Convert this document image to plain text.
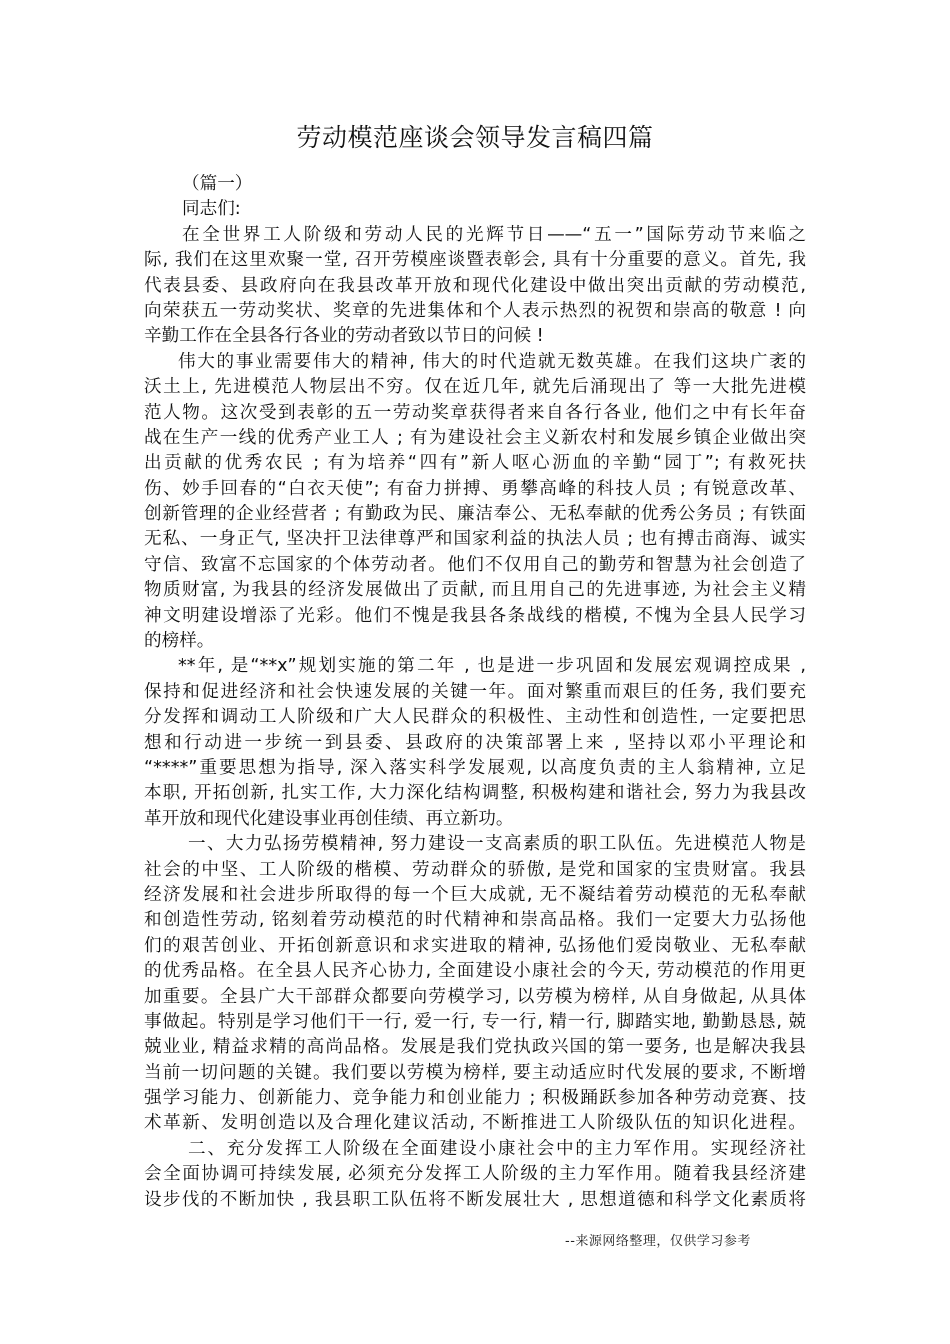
劳动模范座谈会领导发言稿四篇
（篇一）
同志们:
在全世界工人阶级和劳动人民的光辉节日——“五一”国际劳动节来临之
际, 我们在这里欢聚一堂, 召开劳模座谈暨表彰会, 具有十分重要的意义。首先, 我
代表县委、县政府向在我县改革开放和现代化建设中做出突出贡献的劳动模范,
向荣获五一劳动奖状、奖章的先进集体和个人表示热烈的祝贺和崇高的敬意 ! 向
辛勤工作在全县各行各业的劳动者致以节日的问候 !
伟大的事业需要伟大的精神, 伟大的时代造就无数英雄。在我们这块广袤的
沃土上, 先进模范人物层出不穷。仅在近几年, 就先后涌现出了 等一大批先进模
范人物。这次受到表彰的五一劳动奖章获得者来自各行各业, 他们之中有长年奋
战在生产一线的优秀产业工人 ; 有为建设社会主义新农村和发展乡镇企业做出突
出贡献的优秀农民 ; 有为培养“四有”新人呕心沥血的辛勤“园丁”; 有救死扶
伤、妙手回春的“白衣天使”; 有奋力拼搏、勇攀高峰的科技人员 ; 有锐意改革、
创新管理的企业经营者 ; 有勤政为民、廉洁奉公、无私奉献的优秀公务员 ; 有铁面
无私、一身正气, 坚决扞卫法律尊严和国家利益的执法人员 ; 也有搏击商海、诚实
守信、致富不忘国家的个体劳动者。他们不仅用自己的勤劳和智慧为社会创造了
物质财富, 为我县的经济发展做出了贡献, 而且用自己的先进事迹, 为社会主义精
神文明建设增添了光彩。他们不愧是我县各条战线的楷模, 不愧为全县人民学习
的榜样。
**年, 是“**x”规划实施的第二年 , 也是进一步巩固和发展宏观调控成果 ,
保持和促进经济和社会快速发展的关键一年。面对繁重而艰巨的任务, 我们要充
分发挥和调动工人阶级和广大人民群众的积极性、主动性和创造性, 一定要把思
想和行动进一步统一到县委、县政府的决策部署上来 , 坚持以邓小平理论和
“****”重要思想为指导, 深入落实科学发展观, 以高度负责的主人翁精神, 立足
本职, 开拓创新, 扎实工作, 大力深化结构调整, 积极构建和谐社会, 努力为我县改
革开放和现代化建设事业再创佳绩、再立新功。
一、大力弘扬劳模精神, 努力建设一支高素质的职工队伍。先进模范人物是
社会的中坚、工人阶级的楷模、劳动群众的骄傲, 是党和国家的宝贵财富。我县
经济发展和社会进步所取得的每一个巨大成就, 无不凝结着劳动模范的无私奉献
和创造性劳动, 铭刻着劳动模范的时代精神和崇高品格。我们一定要大力弘扬他
们的艰苦创业、开拓创新意识和求实进取的精神, 弘扬他们爱岗敬业、无私奉献
的优秀品格。在全县人民齐心协力, 全面建设小康社会的今天, 劳动模范的作用更
加重要。全县广大干部群众都要向劳模学习, 以劳模为榜样, 从自身做起, 从具体
事做起。特别是学习他们干一行, 爱一行, 专一行, 精一行, 脚踏实地, 勤勤恳恳, 兢
兢业业, 精益求精的高尚品格。发展是我们党执政兴国的第一要务, 也是解决我县
当前一切问题的关键。我们要以劳模为榜样, 要主动适应时代发展的要求, 不断增
强学习能力、创新能力、竞争能力和创业能力 ; 积极踊跃参加各种劳动竞赛、技
术革新、发明创造以及合理化建议活动, 不断推进工人阶级队伍的知识化进程。
二、充分发挥工人阶级在全面建设小康社会中的主力军作用。实现经济社
会全面协调可持续发展, 必须充分发挥工人阶级的主力军作用。随着我县经济建
设步伐的不断加快 , 我县职工队伍将不断发展壮大 , 思想道德和科学文化素质将
--来源网络整理，仅供学习参考
